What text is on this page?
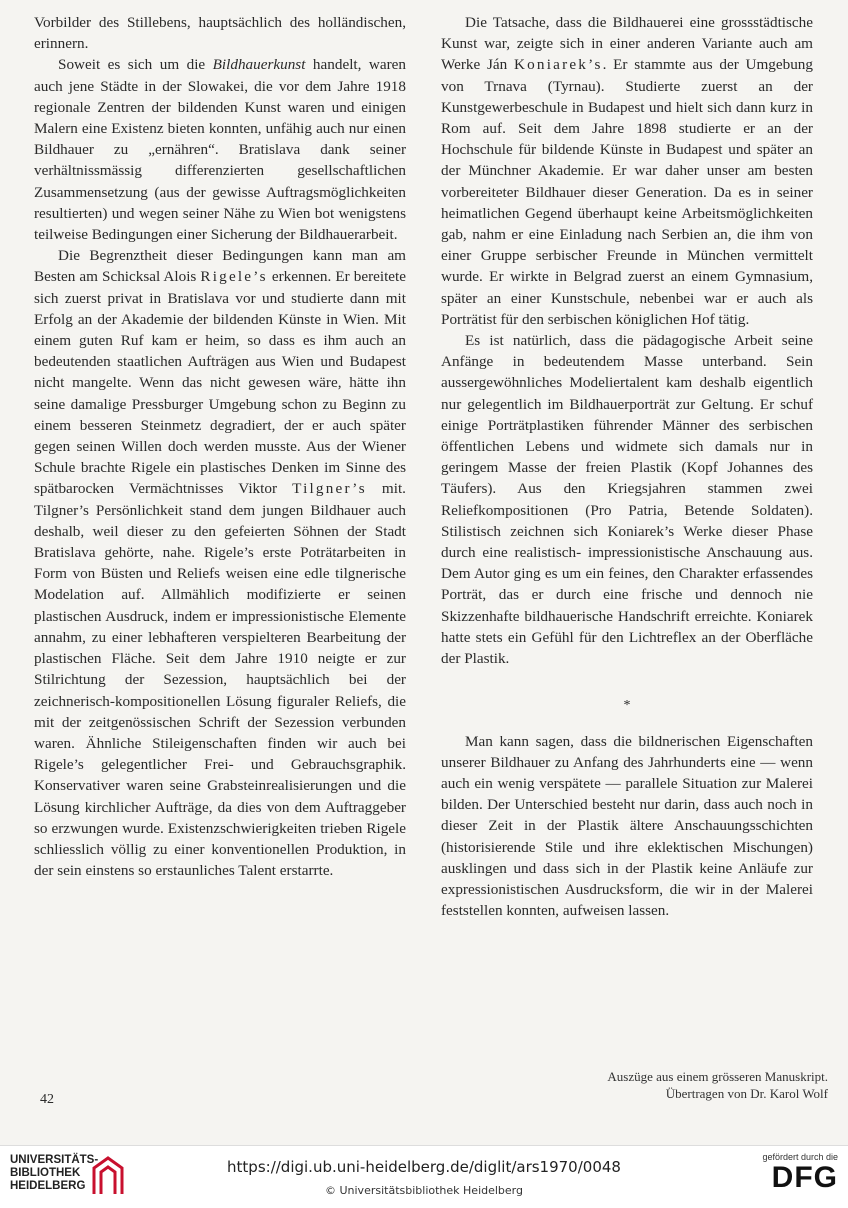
Vorbilder des Stillebens, hauptsächlich des holländischen, erinnern.

Soweit es sich um die Bildhauerkunst handelt, waren auch jene Städte in der Slowakei, die vor dem Jahre 1918 regionale Zentren der bildenden Kunst waren und einigen Malern eine Existenz bieten konnten, unfähig auch nur einen Bildhauer zu „ernähren“. Bratislava dank seiner verhältnissmässig differenzierten gesellschaftlichen Zusammensetzung (aus der gewisse Auftragsmöglichkeiten resultierten) und wegen seiner Nähe zu Wien bot wenigstens teilweise Bedingungen einer Sicherung der Bildhauerarbeit.

Die Begrenztheit dieser Bedingungen kann man am Besten am Schicksal Alois Rigele’s erkennen. Er bereitete sich zuerst privat in Bratislava vor und studierte dann mit Erfolg an der Akademie der bildenden Künste in Wien. Mit einem guten Ruf kam er heim, so dass es ihm auch an bedeutenden staatlichen Aufträgen aus Wien und Budapest nicht mangelte. Wenn das nicht gewesen wäre, hätte ihn seine damalige Pressburger Umgebung schon zu Beginn zu einem besseren Steinmetz degradiert, der er auch später gegen seinen Willen doch werden musste. Aus der Wiener Schule brachte Rigele ein plastisches Denken im Sinne des spätbarocken Vermächtnisses Viktor Tilgner’s mit. Tilgner’s Persönlichkeit stand dem jungen Bildhauer auch deshalb, weil dieser zu den gefeierten Söhnen der Stadt Bratislava gehörte, nahe. Rigele’s erste Poträtarbeiten in Form von Büsten und Reliefs weisen eine edle tilgnerische Modelation auf. Allmählich modifizierte er seinen plastischen Ausdruck, indem er impressionistische Elemente annahm, zu einer lebhafteren verspielteren Bearbeitung der plastischen Fläche. Seit dem Jahre 1910 neigte er zur Stilrichtung der Sezession, hauptsächlich bei der zeichnerisch-kompositionellen Lösung figuraler Reliefs, die mit der zeitgenössischen Schrift der Sezession verbunden waren. Ähnliche Stileigenschaften finden wir auch bei Rigele’s gelegentlicher Frei- und Gebrauchsgraphik. Konservativer waren seine Grabsteinrealisierungen und die Lösung kirchlicher Aufträge, da dies von dem Auftraggeber so erzwungen wurde. Existenzschwierigkeiten trieben Rigele schliesslich völlig zu einer konventionellen Produktion, in der sein einstens so erstaunliches Talent erstarrte.

Die Tatsache, dass die Bildhauerei eine grossstädtische Kunst war, zeigte sich in einer anderen Variante auch am Werke Ján Koniarek’s. Er stammte aus der Umgebung von Trnava (Tyrnau). Studierte zuerst an der Kunstgewerbeschule in Budapest und hielt sich dann kurz in Rom auf. Seit dem Jahre 1898 studierte er an der Hochschule für bildende Künste in Budapest und später an der Münchner Akademie. Er war daher unser am besten vorbereiteter Bildhauer dieser Generation. Da es in seiner heimatlichen Gegend überhaupt keine Arbeitsmöglichkeiten gab, nahm er eine Einladung nach Serbien an, die ihm von einer Gruppe serbischer Freunde in München vermittelt wurde. Er wirkte in Belgrad zuerst an einem Gymnasium, später an einer Kunstschule, nebenbei war er auch als Porträtist für den serbischen königlichen Hof tätig.

Es ist natürlich, dass die pädagogische Arbeit seine Anfänge in bedeutendem Masse unterband. Sein aussergewöhnliches Modeliertalent kam deshalb eigentlich nur gelegentlich im Bildhauerporträt zur Geltung. Er schuf einige Porträtplastiken führender Männer des serbischen öffentlichen Lebens und widmete sich damals nur in geringem Masse der freien Plastik (Kopf Johannes des Täufers). Aus den Kriegsjahren stammen zwei Reliefkompositionen (Pro Patria, Betende Soldaten). Stilistisch zeichnen sich Koniarek’s Werke dieser Phase durch eine realistisch- impressionistische Anschauung aus. Dem Autor ging es um ein feines, den Charakter erfassendes Porträt, das er durch eine frische und dennoch nie Skizzenhafte bildhauerische Handschrift erreichte. Koniarek hatte stets ein Gefühl für den Lichtreflex an der Oberfläche der Plastik.

*

Man kann sagen, dass die bildnerischen Eigenschaften unserer Bildhauer zu Anfang des Jahrhunderts eine — wenn auch ein wenig verspätete — parallele Situation zur Malerei bilden. Der Unterschied besteht nur darin, dass auch noch in dieser Zeit in der Plastik ältere Anschauungsschichten (historisierende Stile und ihre eklektischen Mischungen) ausklingen und dass sich in der Plastik keine Anläufe zur expressionistischen Ausdrucksform, die wir in der Malerei feststellen konnten, aufweisen lassen.

Auszüge aus einem grösseren Manuskript.
Übertragen von Dr. Karol Wolf
42
UNIVERSITÄTS-
BIBLIOTHEK
HEIDELBERG
https://digi.ub.uni-heidelberg.de/diglit/ars1970/0048
© Universitätsbibliothek Heidelberg
gefördert durch die
DFG
